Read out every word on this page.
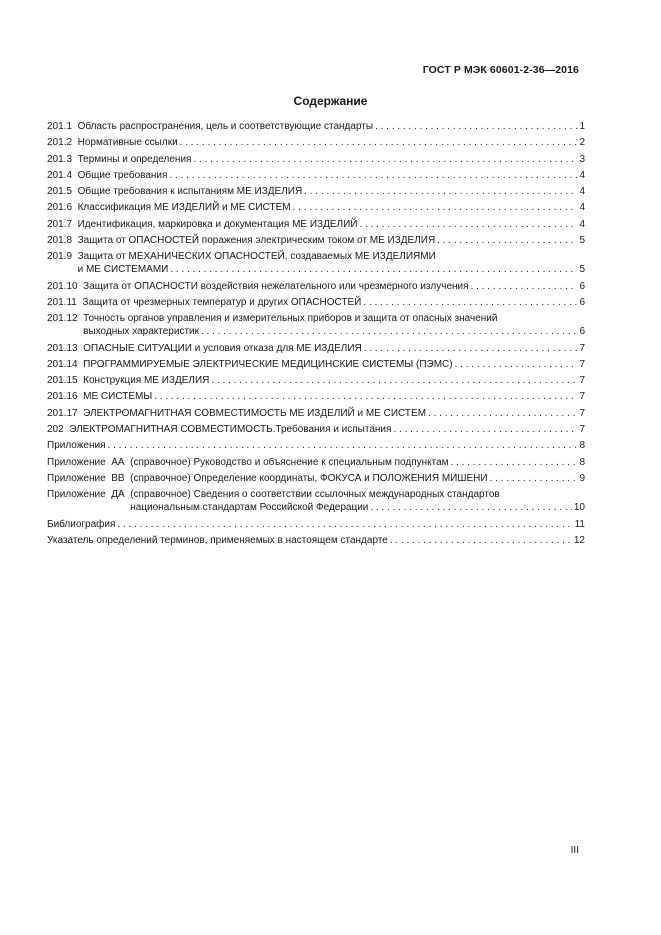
ГОСТ Р МЭК 60601-2-36—2016
Содержание
201.1 Область распространения, цель и соответствующие стандарты . . .	1
201.2 Нормативные ссылки . . .	2
201.3 Термины и определения . . .	3
201.4 Общие требования . . .	4
201.5 Общие требования к испытаниям МЕ ИЗДЕЛИЯ . . .	4
201.6 Классификация МЕ ИЗДЕЛИЙ и МЕ СИСТЕМ . . .	4
201.7 Идентификация, маркировка и документация МЕ ИЗДЕЛИЙ . . .	4
201.8 Защита от ОПАСНОСТЕЙ поражения электрическим током от МЕ ИЗДЕЛИЯ . . .	5
201.9 Защита от МЕХАНИЧЕСКИХ ОПАСНОСТЕЙ, создаваемых МЕ ИЗДЕЛИЯМИ
и МЕ СИСТЕМАМИ . . .	5
201.10 Защита от ОПАСНОСТИ воздействия нежелательного или чрезмерного излучения . . .	6
201.11 Защита от чрезмерных температур и других ОПАСНОСТЕЙ . . .	6
201.12 Точность органов управления и измерительных приборов и защита от опасных значений
выходных характеристик . . .	6
201.13 ОПАСНЫЕ СИТУАЦИИ и условия отказа для МЕ ИЗДЕЛИЯ . . .	7
201.14 ПРОГРАММИРУЕМЫЕ ЭЛЕКТРИЧЕСКИЕ МЕДИЦИНСКИЕ СИСТЕМЫ (ПЭМС) . . .	7
201.15 Конструкция МЕ ИЗДЕЛИЯ . . .	7
201.16 МЕ СИСТЕМЫ . . .	7
201.17 ЭЛЕКТРОМАГНИТНАЯ СОВМЕСТИМОСТЬ МЕ ИЗДЕЛИЙ и МЕ СИСТЕМ . . .	7
202 ЭЛЕКТРОМАГНИТНАЯ СОВМЕСТИМОСТЬ.Требования и испытания . . .	7
Приложения . . .	8
Приложение  АА (справочное) Руководство и объяснение к специальным подпунктам . . .	8
Приложение  ВВ (справочное) Определение координаты, ФОКУСА и ПОЛОЖЕНИЯ МИШЕНИ . . .	9
Приложение  ДА (справочное) Сведения о соответствии ссылочных международных стандартов
национальным стандартам Российской Федерации . . .	10
Библиография . . .	11
Указатель определений терминов, применяемых в настоящем стандарте . . .	12
III
